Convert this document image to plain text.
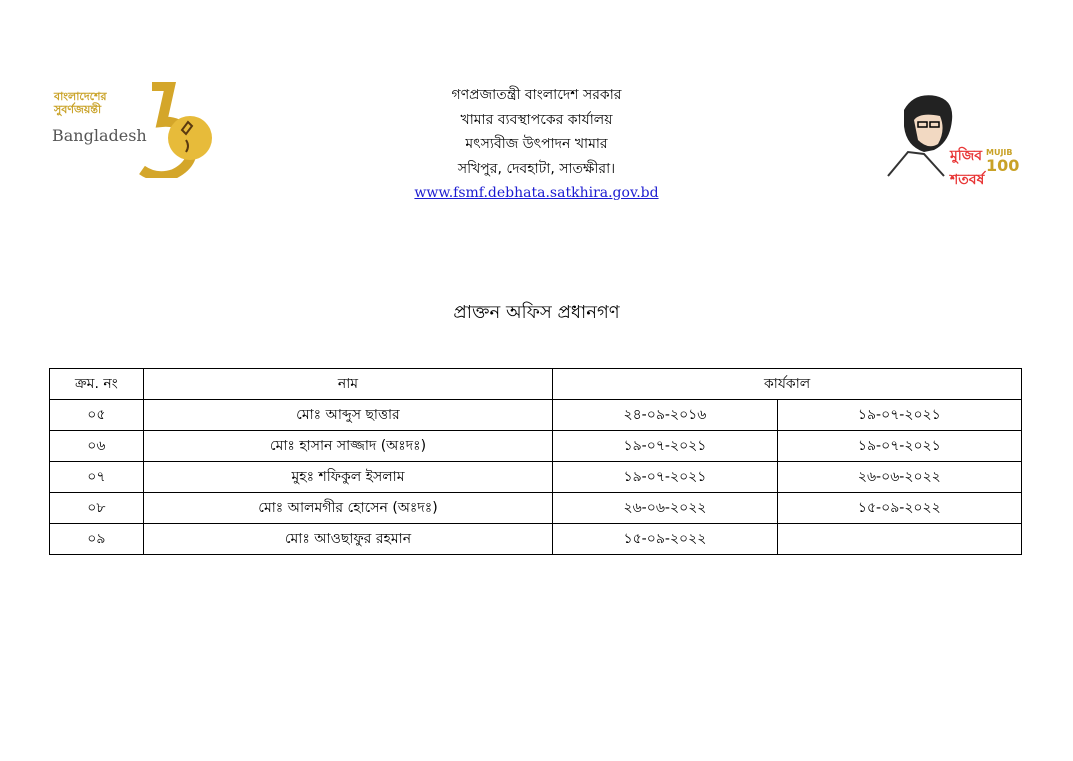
বাংলাদেশের
সুবর্ণজয়ন্তী
Bangladesh
গণপ্রজাতন্ত্রী বাংলাদেশ সরকার
খামার ব্যবস্থাপকের কার্যালয়
মৎস্যবীজ উৎপাদন খামার
সখিপুর, দেবহাটা, সাতক্ষীরা।
www.fsmf.debhata.satkhira.gov.bd
মুজিব শতবর্ষ
MUJIB
100
প্রাক্তন অফিস প্রধানগণ
ক্রম. নং	নাম	কার্যকাল	
০৫	মোঃ আব্দুস ছাত্তার	২৪-০৯-২০১৬	১৯-০৭-২০২১
০৬	মোঃ হাসান সাজ্জাদ (অঃদঃ)	১৯-০৭-২০২১	১৯-০৭-২০২১
০৭	মুহঃ শফিকুল ইসলাম	১৯-০৭-২০২১	২৬-০৬-২০২২
০৮	মোঃ আলমগীর হোসেন (অঃদঃ)	২৬-০৬-২০২২	১৫-০৯-২০২২
০৯	মোঃ আওছাফুর রহমান	১৫-০৯-২০২২	
